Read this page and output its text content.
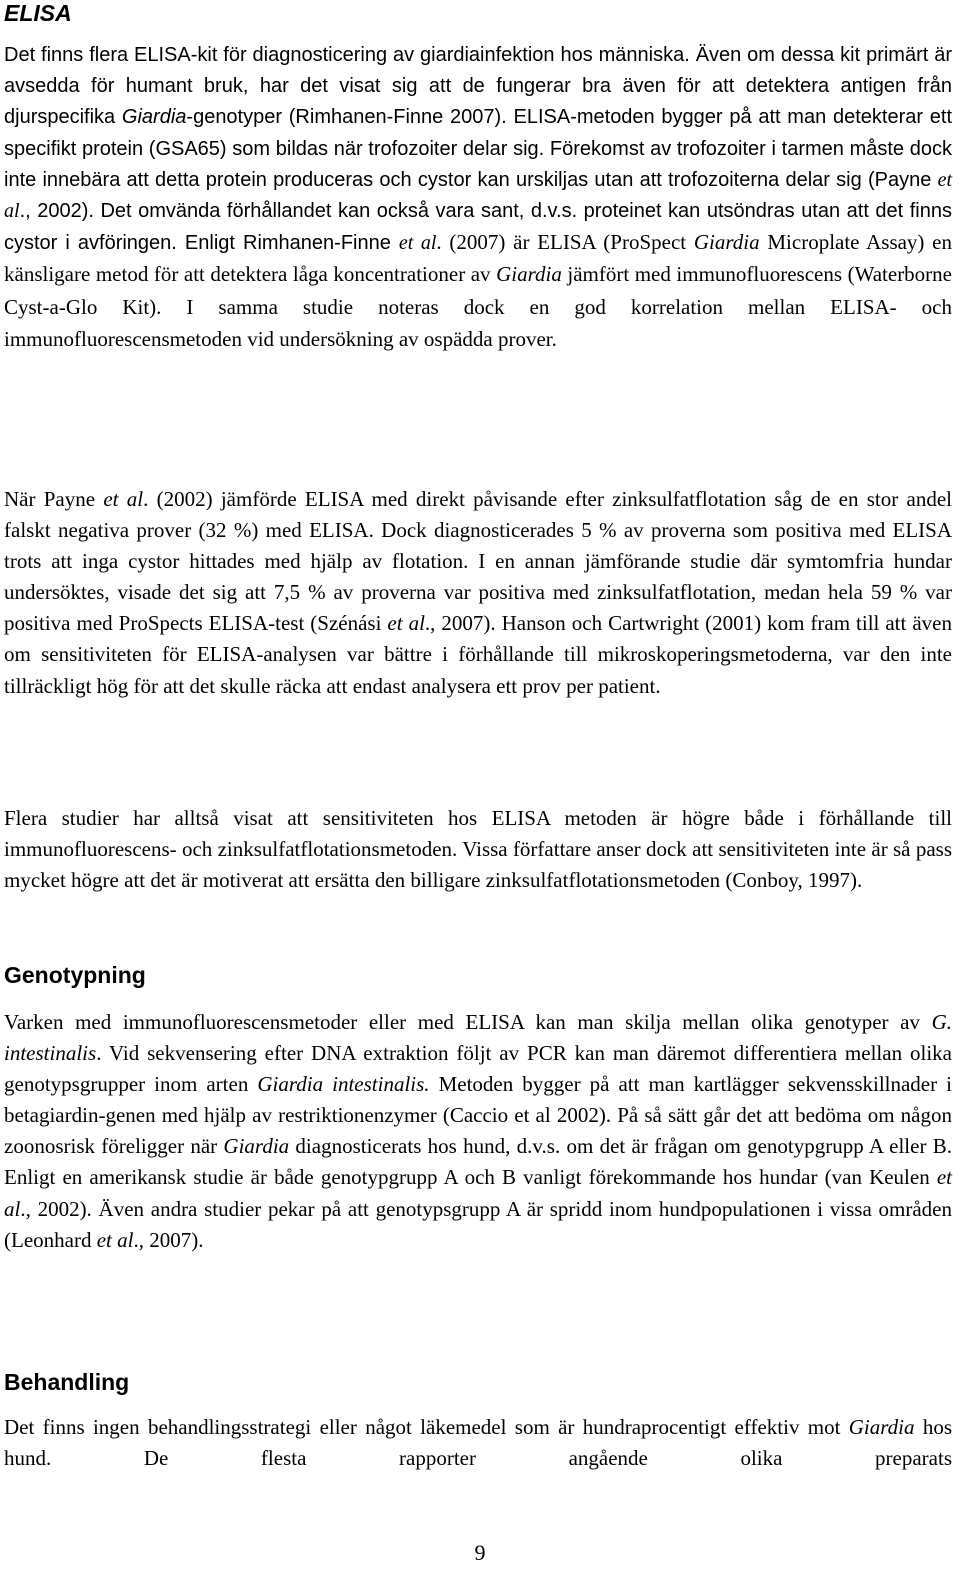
ELISA

Det finns flera ELISA-kit för diagnosticering av giardiainfektion hos människa. Även om dessa kit primärt är avsedda för humant bruk, har det visat sig att de fungerar bra även för att detektera antigen från djurspecifika Giardia-genotyper (Rimhanen-Finne 2007). ELISA-metoden bygger på att man detekterar ett specifikt protein (GSA65) som bildas när trofozoiter delar sig. Förekomst av trofozoiter i tarmen måste dock inte innebära att detta protein produceras och cystor kan urskiljas utan att trofozoiterna delar sig (Payne et al., 2002). Det omvända förhållandet kan också vara sant, d.v.s. proteinet kan utsöndras utan att det finns cystor i avföringen. Enligt Rimhanen-Finne et al. (2007) är ELISA (ProSpect Giardia Microplate Assay) en känsligare metod för att detektera låga koncentrationer av Giardia jämfört med immunofluorescens (Waterborne Cyst-a-Glo Kit). I samma studie noteras dock en god korrelation mellan ELISA- och immunofluorescensmetoden vid undersökning av ospädda prover.

När Payne et al. (2002) jämförde ELISA med direkt påvisande efter zinksulfatflotation såg de en stor andel falskt negativa prover (32 %) med ELISA. Dock diagnosticerades 5 % av proverna som positiva med ELISA trots att inga cystor hittades med hjälp av flotation. I en annan jämförande studie där symtomfria hundar undersöktes, visade det sig att 7,5 % av proverna var positiva med zinksulfatflotation, medan hela 59 % var positiva med ProSpects ELISA-test (Szénási et al., 2007). Hanson och Cartwright (2001) kom fram till att även om sensitiviteten för ELISA-analysen var bättre i förhållande till mikroskoperingsmetoderna, var den inte tillräckligt hög för att det skulle räcka att endast analysera ett prov per patient.

Flera studier har alltså visat att sensitiviteten hos ELISA metoden är högre både i förhållande till immunofluorescens- och zinksulfatflotationsmetoden. Vissa författare anser dock att sensitiviteten inte är så pass mycket högre att det är motiverat att ersätta den billigare zinksulfatflotationsmetoden (Conboy, 1997).

Genotypning

Varken med immunofluorescensmetoder eller med ELISA kan man skilja mellan olika genotyper av G. intestinalis. Vid sekvensering efter DNA extraktion följt av PCR kan man däremot differentiera mellan olika genotypsgrupper inom arten Giardia intestinalis. Metoden bygger på att man kartlägger sekvensskillnader i betagiardin-genen med hjälp av restriktionenzymer (Caccio et al 2002). På så sätt går det att bedöma om någon zoonosrisk föreligger när Giardia diagnosticerats hos hund, d.v.s. om det är frågan om genotypgrupp A eller B. Enligt en amerikansk studie är både genotypgrupp A och B vanligt förekommande hos hundar (van Keulen et al., 2002). Även andra studier pekar på att genotypsgrupp A är spridd inom hundpopulationen i vissa områden (Leonhard et al., 2007).

Behandling

Det finns ingen behandlingsstrategi eller något läkemedel som är hundraprocentigt effektiv mot Giardia hos hund. De flesta rapporter angående olika preparats

9
